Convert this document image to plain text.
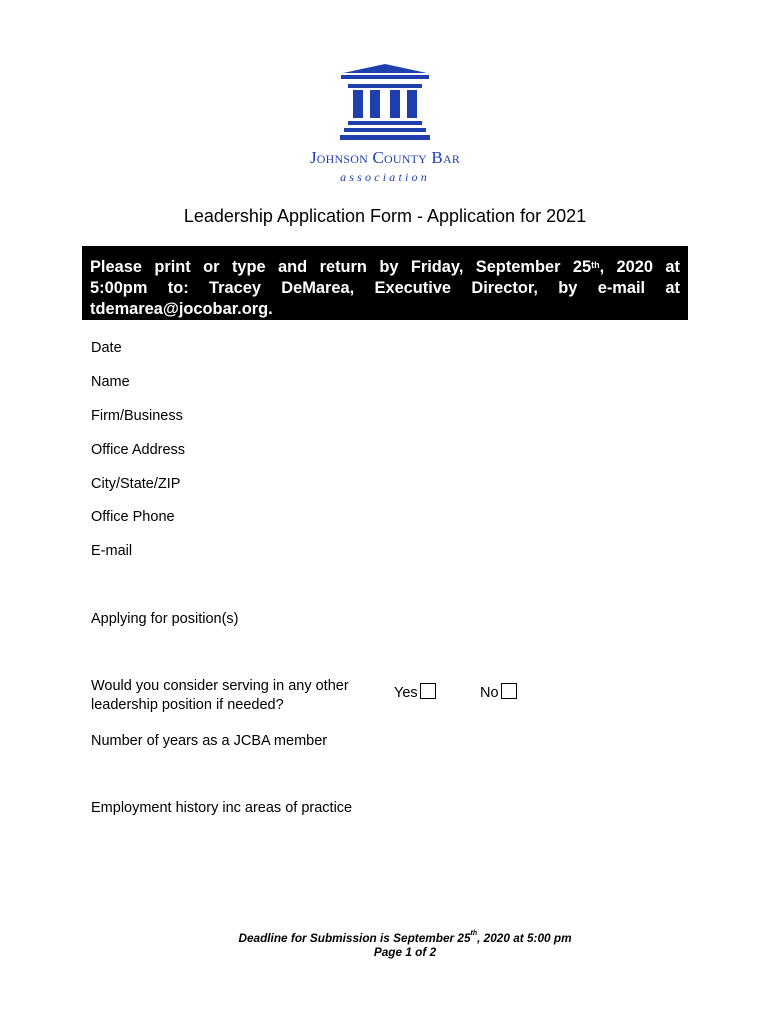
Johnson County Bar
association
Leadership Application Form - Application for 2021
Please print or type and return by Friday, September 25th, 2020 at
5:00pm to: Tracey DeMarea, Executive Director, by e-mail at
tdemarea@jocobar.org.
Date
Name
Firm/Business
Office Address
City/State/ZIP
Office Phone
E-mail
Applying for position(s)
Would you consider serving in any other
leadership position if needed?
Yes	No
Number of years as a JCBA member
Employment history inc areas of practice
Deadline for Submission is September 25th, 2020 at 5:00 pm
Page 1 of 2
